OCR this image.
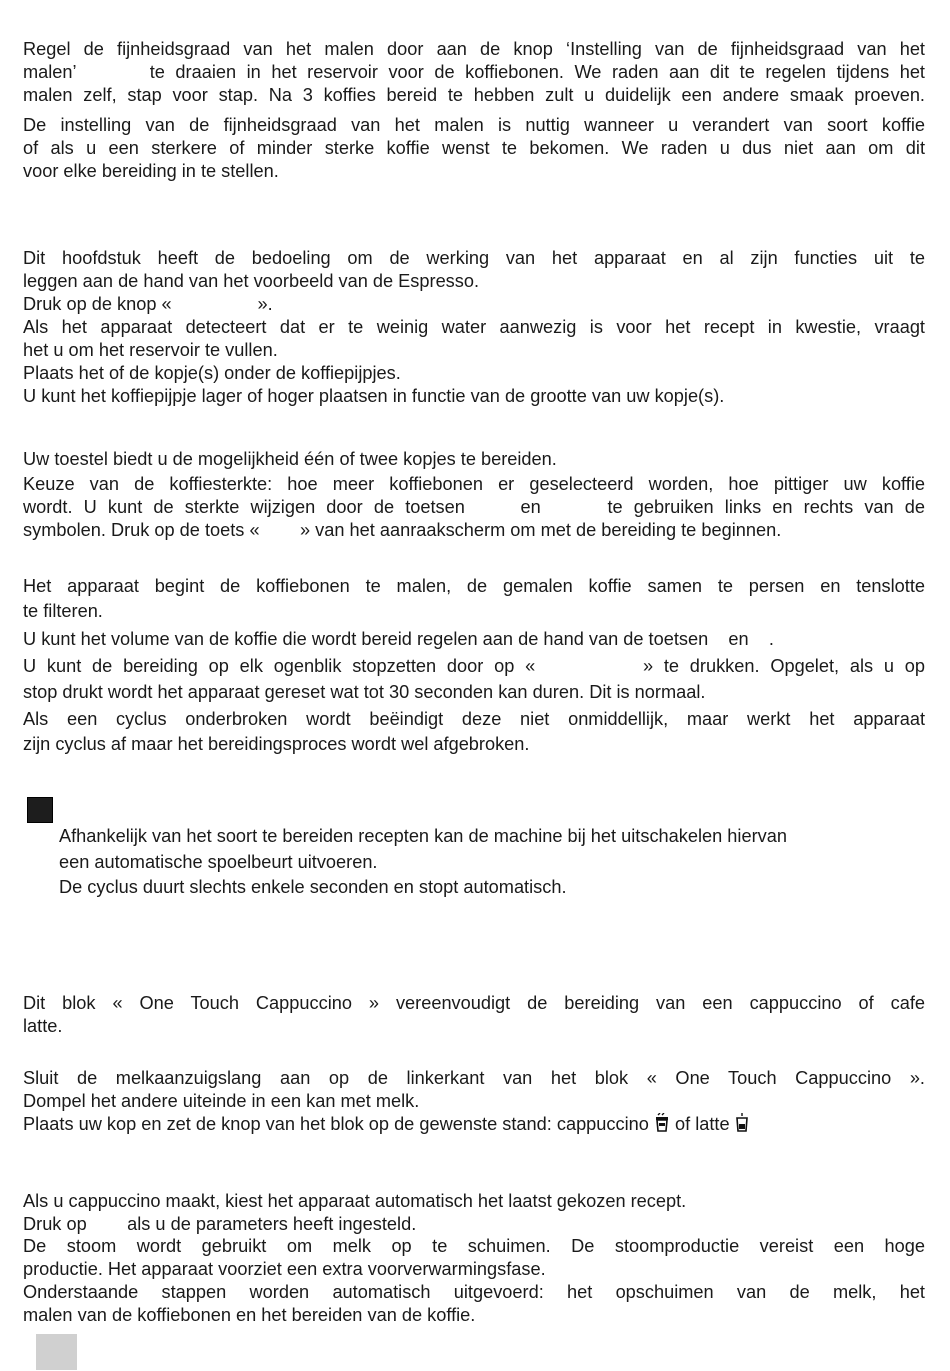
Regel de fijnheidsgraad van het malen door aan de knop ‘Instelling van de fijnheidsgraad van het
malen’       te draaien in het reservoir voor de koffiebonen. We raden aan dit te regelen tijdens het
malen zelf, stap voor stap. Na 3 koffies bereid te hebben zult u duidelijk een andere smaak proeven.
De instelling van de fijnheidsgraad van het malen is nuttig wanneer u verandert van soort koffie
of als u een sterkere of minder sterke koffie wenst te bekomen. We raden u dus niet aan om dit
voor elke bereiding in te stellen.
Dit hoofdstuk heeft de bedoeling om de werking van het apparaat en al zijn functies uit te
leggen aan de hand van het voorbeeld van de Espresso.
Druk op de knop «                 ».
Als het apparaat detecteert dat er te weinig water aanwezig is voor het recept in kwestie, vraagt
het u om het reservoir te vullen.
Plaats het of de kopje(s) onder de koffiepijpjes.
U kunt het koffiepijpje lager of hoger plaatsen in functie van de grootte van uw kopje(s).
Uw toestel biedt u de mogelijkheid één of twee kopjes te bereiden.
Keuze van de koffiesterkte: hoe meer koffiebonen er geselecteerd worden, hoe pittiger uw koffie
wordt. U kunt de sterkte wijzigen door de toetsen     en      te gebruiken links en rechts van de
symbolen. Druk op de toets «        » van het aanraakscherm om met de bereiding te beginnen.
Het apparaat begint de koffiebonen te malen, de gemalen koffie samen te persen en tenslotte
te filteren.
U kunt het volume van de koffie die wordt bereid regelen aan de hand van de toetsen    en    .
U kunt de bereiding op elk ogenblik stopzetten door op «          » te drukken. Opgelet, als u op
stop drukt wordt het apparaat gereset wat tot 30 seconden kan duren. Dit is normaal.
Als een cyclus onderbroken wordt beëindigt deze niet onmiddellijk, maar werkt het apparaat
zijn cyclus af maar het bereidingsproces wordt wel afgebroken.
Afhankelijk van het soort te bereiden recepten kan de machine bij het uitschakelen hiervan
een automatische spoelbeurt uitvoeren.
De cyclus duurt slechts enkele seconden en stopt automatisch.
Dit blok « One Touch Cappuccino » vereenvoudigt de bereiding van een cappuccino of cafe
latte.
Sluit de melkaanzuigslang aan op de linkerkant van het blok « One Touch Cappuccino ».
Dompel het andere uiteinde in een kan met melk.
Plaats uw kop en zet de knop van het blok op de gewenste stand: cappuccino of latte
Als u cappuccino maakt, kiest het apparaat automatisch het laatst gekozen recept.
Druk op        als u de parameters heeft ingesteld.
De stoom wordt gebruikt om melk op te schuimen. De stoomproductie vereist een hoge
productie. Het apparaat voorziet een extra voorverwarmingsfase.
Onderstaande stappen worden automatisch uitgevoerd: het opschuimen van de melk, het
malen van de koffiebonen en het bereiden van de koffie.
